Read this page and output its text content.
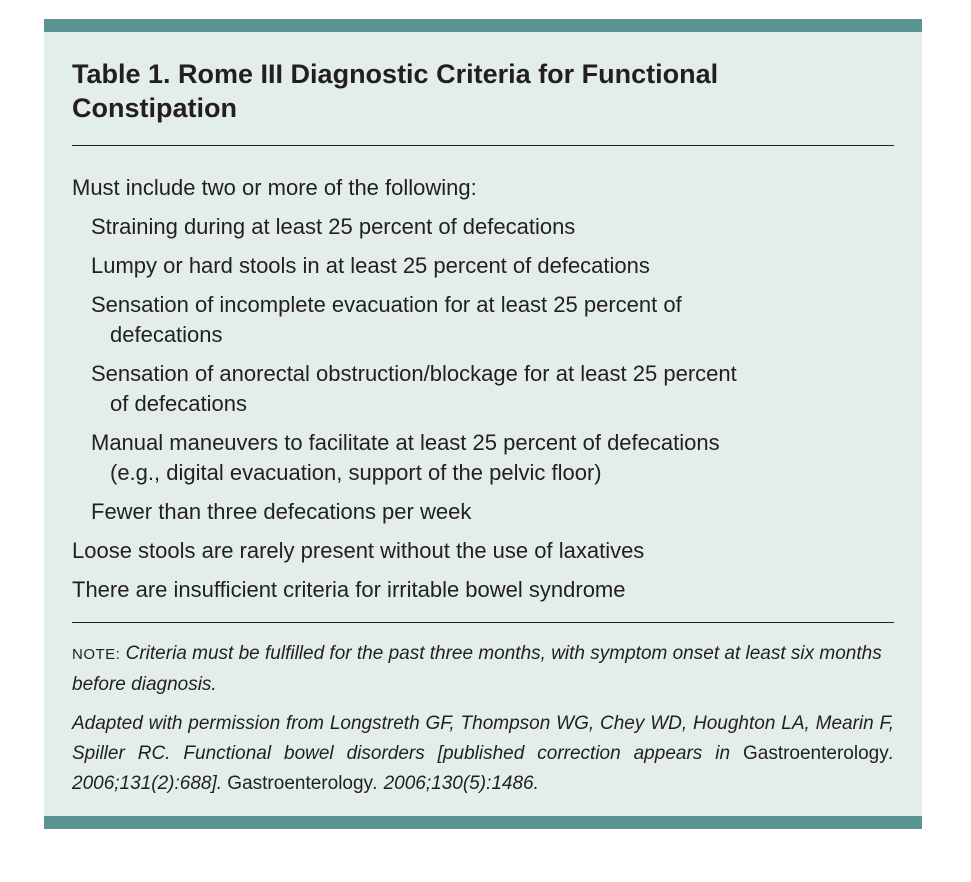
Table 1. Rome III Diagnostic Criteria for Functional
Constipation
Must include two or more of the following:
Straining during at least 25 percent of defecations
Lumpy or hard stools in at least 25 percent of defecations
Sensation of incomplete evacuation for at least 25 percent of
defecations
Sensation of anorectal obstruction/blockage for at least 25 percent
of defecations
Manual maneuvers to facilitate at least 25 percent of defecations
(e.g., digital evacuation, support of the pelvic floor)
Fewer than three defecations per week
Loose stools are rarely present without the use of laxatives
There are insufficient criteria for irritable bowel syndrome

NOTE: Criteria must be fulfilled for the past three months, with symptom onset at least six months before diagnosis.

Adapted with permission from Longstreth GF, Thompson WG, Chey WD, Houghton LA, Mearin F, Spiller RC. Functional bowel disorders [published correction appears in Gastroenterology. 2006;131(2):688]. Gastroenterology. 2006;130(5):1486.
